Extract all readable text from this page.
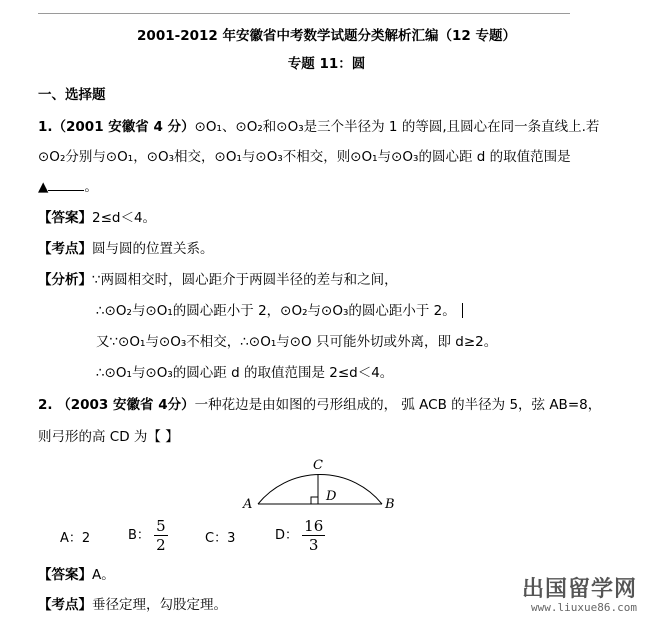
2001-2012 年安徽省中考数学试题分类解析汇编（12 专题）
专题 11：圆
一、选择题
1.（2001 安徽省 4 分）⊙O₁、⊙O₂和⊙O₃是三个半径为 1 的等圆,且圆心在同一条直线上.若
⊙O₂分别与⊙O₁，⊙O₃相交，⊙O₁与⊙O₃不相交，则⊙O₁与⊙O₃的圆心距 d 的取值范围是
▲	。
【答案】2≤d＜4。
【考点】圆与圆的位置关系。
【分析】∵两圆相交时，圆心距介于两圆半径的差与和之间，
∴⊙O₂与⊙O₁的圆心距小于 2，⊙O₂与⊙O₃的圆心距小于 2。
又∵⊙O₁与⊙O₃不相交，∴⊙O₁与⊙O 只可能外切或外离，即 d≥2。
∴⊙O₁与⊙O₃的圆心距 d 的取值范围是 2≤d＜4。
2. （2003 安徽省 4分）一种花边是由如图的弓形组成的， 弧 ACB 的半径为 5，弦 AB=8，
则弓形的高 CD 为【 】
A	B
C
D
A：2	B： $\frac{5}{2}$	C：3	D： $\frac{16}{3}$
【答案】A。
【考点】垂径定理，勾股定理。
出国留学网
www.liuxue86.com
